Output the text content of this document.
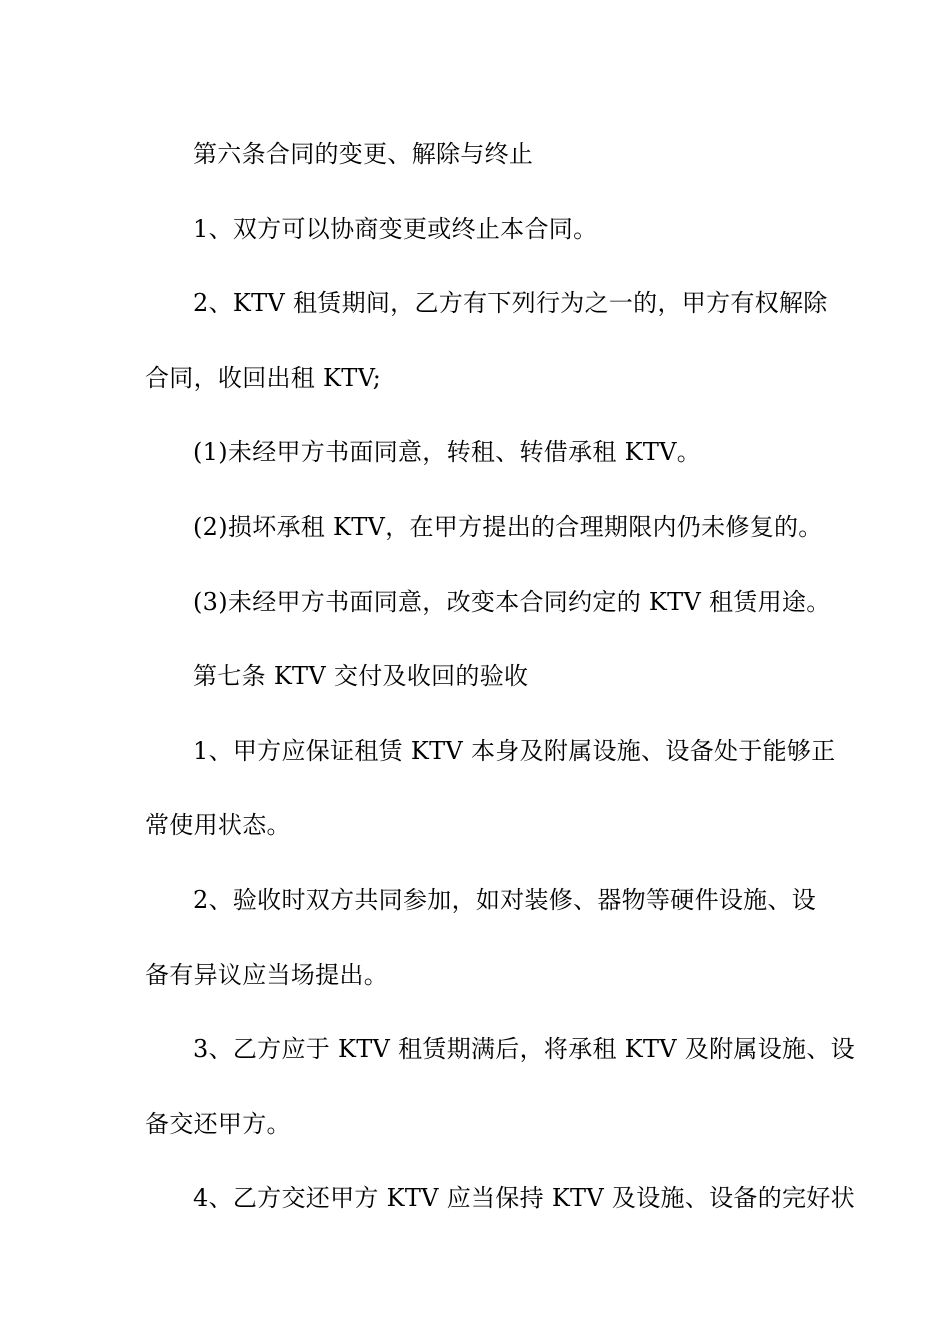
第六条合同的变更、解除与终止
1、双方可以协商变更或终止本合同。
2、KTV 租赁期间，乙方有下列行为之一的，甲方有权解除
合同，收回出租 KTV;
(1)未经甲方书面同意，转租、转借承租 KTV。
(2)损坏承租 KTV，在甲方提出的合理期限内仍未修复的。
(3)未经甲方书面同意，改变本合同约定的 KTV 租赁用途。
第七条 KTV 交付及收回的验收
1、甲方应保证租赁 KTV 本身及附属设施、设备处于能够正
常使用状态。
2、验收时双方共同参加，如对装修、器物等硬件设施、设
备有异议应当场提出。
3、乙方应于 KTV 租赁期满后，将承租 KTV 及附属设施、设
备交还甲方。
4、乙方交还甲方 KTV 应当保持 KTV 及设施、设备的完好状
